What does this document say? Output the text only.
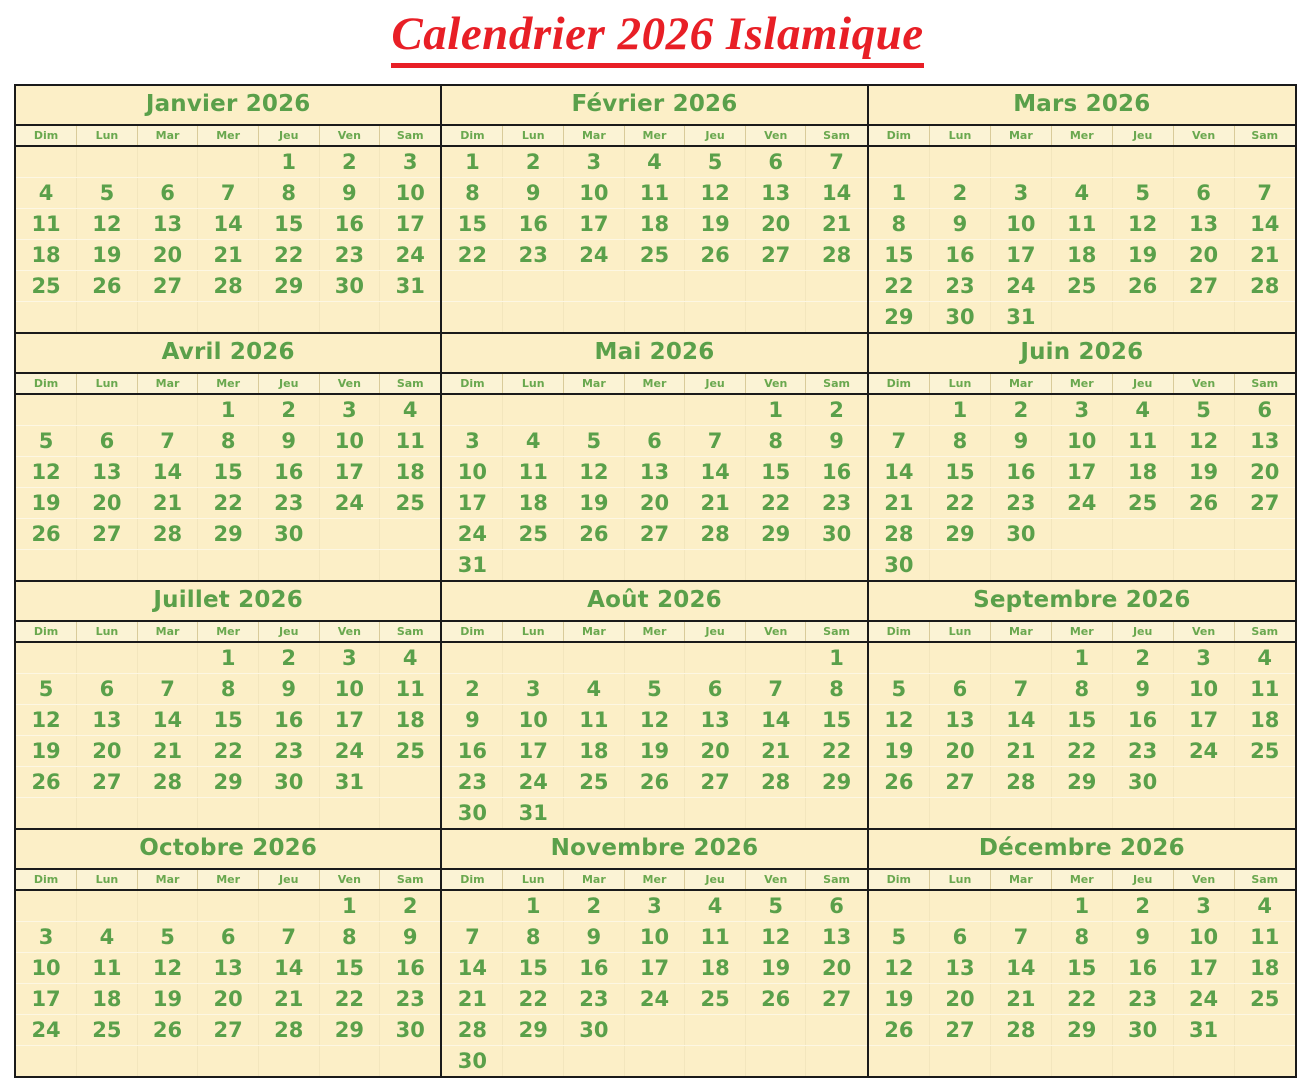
Calendrier 2026 Islamique
Janvier 2026
Dim	Lun	Mar	Mer	Jeu	Ven	Sam
				1	2	3
4	5	6	7	8	9	10
11	12	13	14	15	16	17
18	19	20	21	22	23	24
25	26	27	28	29	30	31

Février 2026
Dim	Lun	Mar	Mer	Jeu	Ven	Sam
1	2	3	4	5	6	7
8	9	10	11	12	13	14
15	16	17	18	19	20	21
22	23	24	25	26	27	28

Mars 2026
Dim	Lun	Mar	Mer	Jeu	Ven	Sam

1	2	3	4	5	6	7
8	9	10	11	12	13	14
15	16	17	18	19	20	21
22	23	24	25	26	27	28
29	30	31				
Avril 2026
Dim	Lun	Mar	Mer	Jeu	Ven	Sam
			1	2	3	4
5	6	7	8	9	10	11
12	13	14	15	16	17	18
19	20	21	22	23	24	25
26	27	28	29	30		

Mai 2026
Dim	Lun	Mar	Mer	Jeu	Ven	Sam
					1	2
3	4	5	6	7	8	9
10	11	12	13	14	15	16
17	18	19	20	21	22	23
24	25	26	27	28	29	30
31						
Juin 2026
Dim	Lun	Mar	Mer	Jeu	Ven	Sam
	1	2	3	4	5	6
7	8	9	10	11	12	13
14	15	16	17	18	19	20
21	22	23	24	25	26	27
28	29	30				
30						
Juillet 2026
Dim	Lun	Mar	Mer	Jeu	Ven	Sam
			1	2	3	4
5	6	7	8	9	10	11
12	13	14	15	16	17	18
19	20	21	22	23	24	25
26	27	28	29	30	31	

Août 2026
Dim	Lun	Mar	Mer	Jeu	Ven	Sam
						1
2	3	4	5	6	7	8
9	10	11	12	13	14	15
16	17	18	19	20	21	22
23	24	25	26	27	28	29
30	31					
Septembre 2026
Dim	Lun	Mar	Mer	Jeu	Ven	Sam
			1	2	3	4
5	6	7	8	9	10	11
12	13	14	15	16	17	18
19	20	21	22	23	24	25
26	27	28	29	30		

Octobre 2026
Dim	Lun	Mar	Mer	Jeu	Ven	Sam
					1	2
3	4	5	6	7	8	9
10	11	12	13	14	15	16
17	18	19	20	21	22	23
24	25	26	27	28	29	30

Novembre 2026
Dim	Lun	Mar	Mer	Jeu	Ven	Sam
	1	2	3	4	5	6
7	8	9	10	11	12	13
14	15	16	17	18	19	20
21	22	23	24	25	26	27
28	29	30				
30						
Décembre 2026
Dim	Lun	Mar	Mer	Jeu	Ven	Sam
			1	2	3	4
5	6	7	8	9	10	11
12	13	14	15	16	17	18
19	20	21	22	23	24	25
26	27	28	29	30	31	
